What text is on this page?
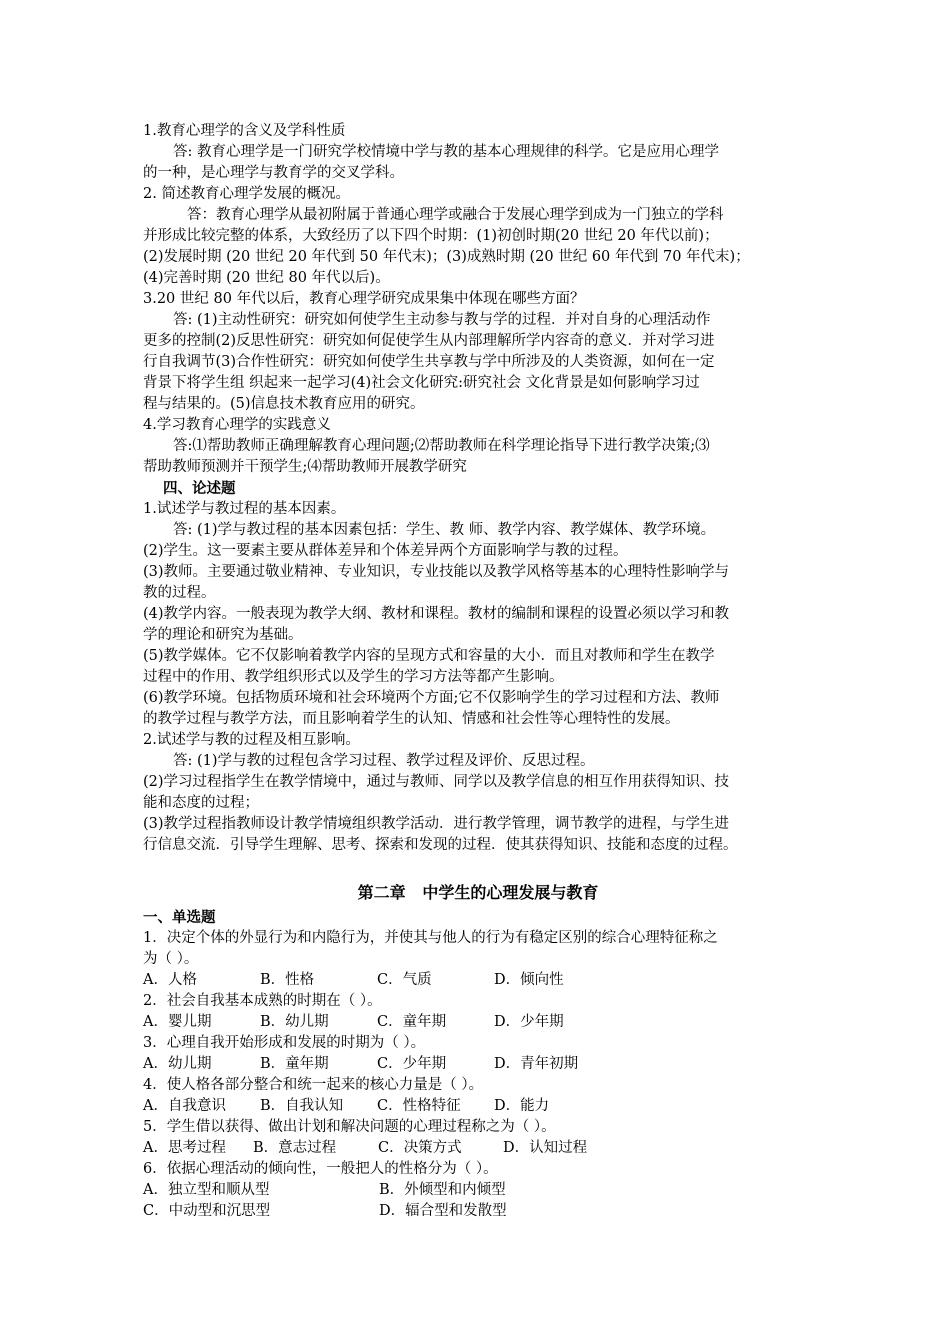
1.教育心理学的含义及学科性质
答: 教育心理学是一门研究学校情境中学与教的基本心理规律的科学。它是应用心理学
的一种，是心理学与教育学的交叉学科。
2. 简述教育心理学发展的概况。
答：教育心理学从最初附属于普通心理学或融合于发展心理学到成为一门独立的学科
并形成比较完整的体系，大致经历了以下四个时期：(1)初创时期(20 世纪 20 年代以前)；
(2)发展时期 (20 世纪 20 年代到 50 年代末)；(3)成熟时期 (20 世纪 60 年代到 70 年代末)；
(4)完善时期 (20 世纪 80 年代以后)。
3.20 世纪 80 年代以后，教育心理学研究成果集中体现在哪些方面？
答: (1)主动性研究：研究如何使学生主动参与教与学的过程．并对自身的心理活动作
更多的控制(2)反思性研究：研究如何促使学生从内部理解所学内容奇的意义．并对学习进
行自我调节(3)合作性研究：研究如何使学生共享教与学中所涉及的人类资源，如何在一定
背景下将学生组 织起来一起学习(4)社会文化研究:研究社会 文化背景是如何影响学习过
程与结果的。(5)信息技术教育应用的研究。
4.学习教育心理学的实践意义
答:⑴帮助教师正确理解教育心理问题;⑵帮助教师在科学理论指导下进行教学决策;⑶
帮助教师预测并干预学生;⑷帮助教师开展教学研究
四、论述题
1.试述学与教过程的基本因素。
答: (1)学与教过程的基本因素包括：学生、教 师、教学内容、教学媒体、教学环境。
(2)学生。这一要素主要从群体差异和个体差异两个方面影响学与教的过程。
(3)教师。主要通过敬业精神、专业知识，专业技能以及教学风格等基本的心理特性影响学与
教的过程。
(4)教学内容。一般表现为教学大纲、教材和课程。教材的编制和课程的设置必须以学习和教
学的理论和研究为基础。
(5)教学媒体。它不仅影响着教学内容的呈现方式和容量的大小．而且对教师和学生在教学
过程中的作用、教学组织形式以及学生的学习方法等都产生影响。
(6)教学环境。包括物质环境和社会环境两个方面;它不仅影响学生的学习过程和方法、教师
的教学过程与教学方法，而且影响着学生的认知、情感和社会性等心理特性的发展。
2.试述学与教的过程及相互影响。
答: (1)学与教的过程包含学习过程、教学过程及评价、反思过程。
(2)学习过程指学生在教学情境中，通过与教师、同学以及教学信息的相互作用获得知识、技
能和态度的过程；
(3)教学过程指教师设计教学情境组织教学活动．进行教学管理，调节教学的进程，与学生进
行信息交流．引导学生理解、思考、探索和发现的过程．使其获得知识、技能和态度的过程。
第二章   中学生的心理发展与教育
一、单选题
1．决定个体的外显行为和内隐行为，并使其与他人的行为有稳定区别的综合心理特征称之
为（ ）。
A．人格	B．性格	C．气质	D．倾向性
2．社会自我基本成熟的时期在（ ）。
A．婴儿期	B．幼儿期	C．童年期	D．少年期
3．心理自我开始形成和发展的时期为（ ）。
A．幼儿期	B．童年期	C．少年期	D．青年初期
4．使人格各部分整合和统一起来的核心力量是（ ）。
A．自我意识	B．自我认知	C．性格特征	D．能力
5．学生借以获得、做出计划和解决问题的心理过程称之为（ ）。
A．思考过程	B．意志过程	C．决策方式	D．认知过程
6．依据心理活动的倾向性，一般把人的性格分为（ ）。
A．独立型和顺从型	B．外倾型和内倾型
C．中动型和沉思型	D．辐合型和发散型
